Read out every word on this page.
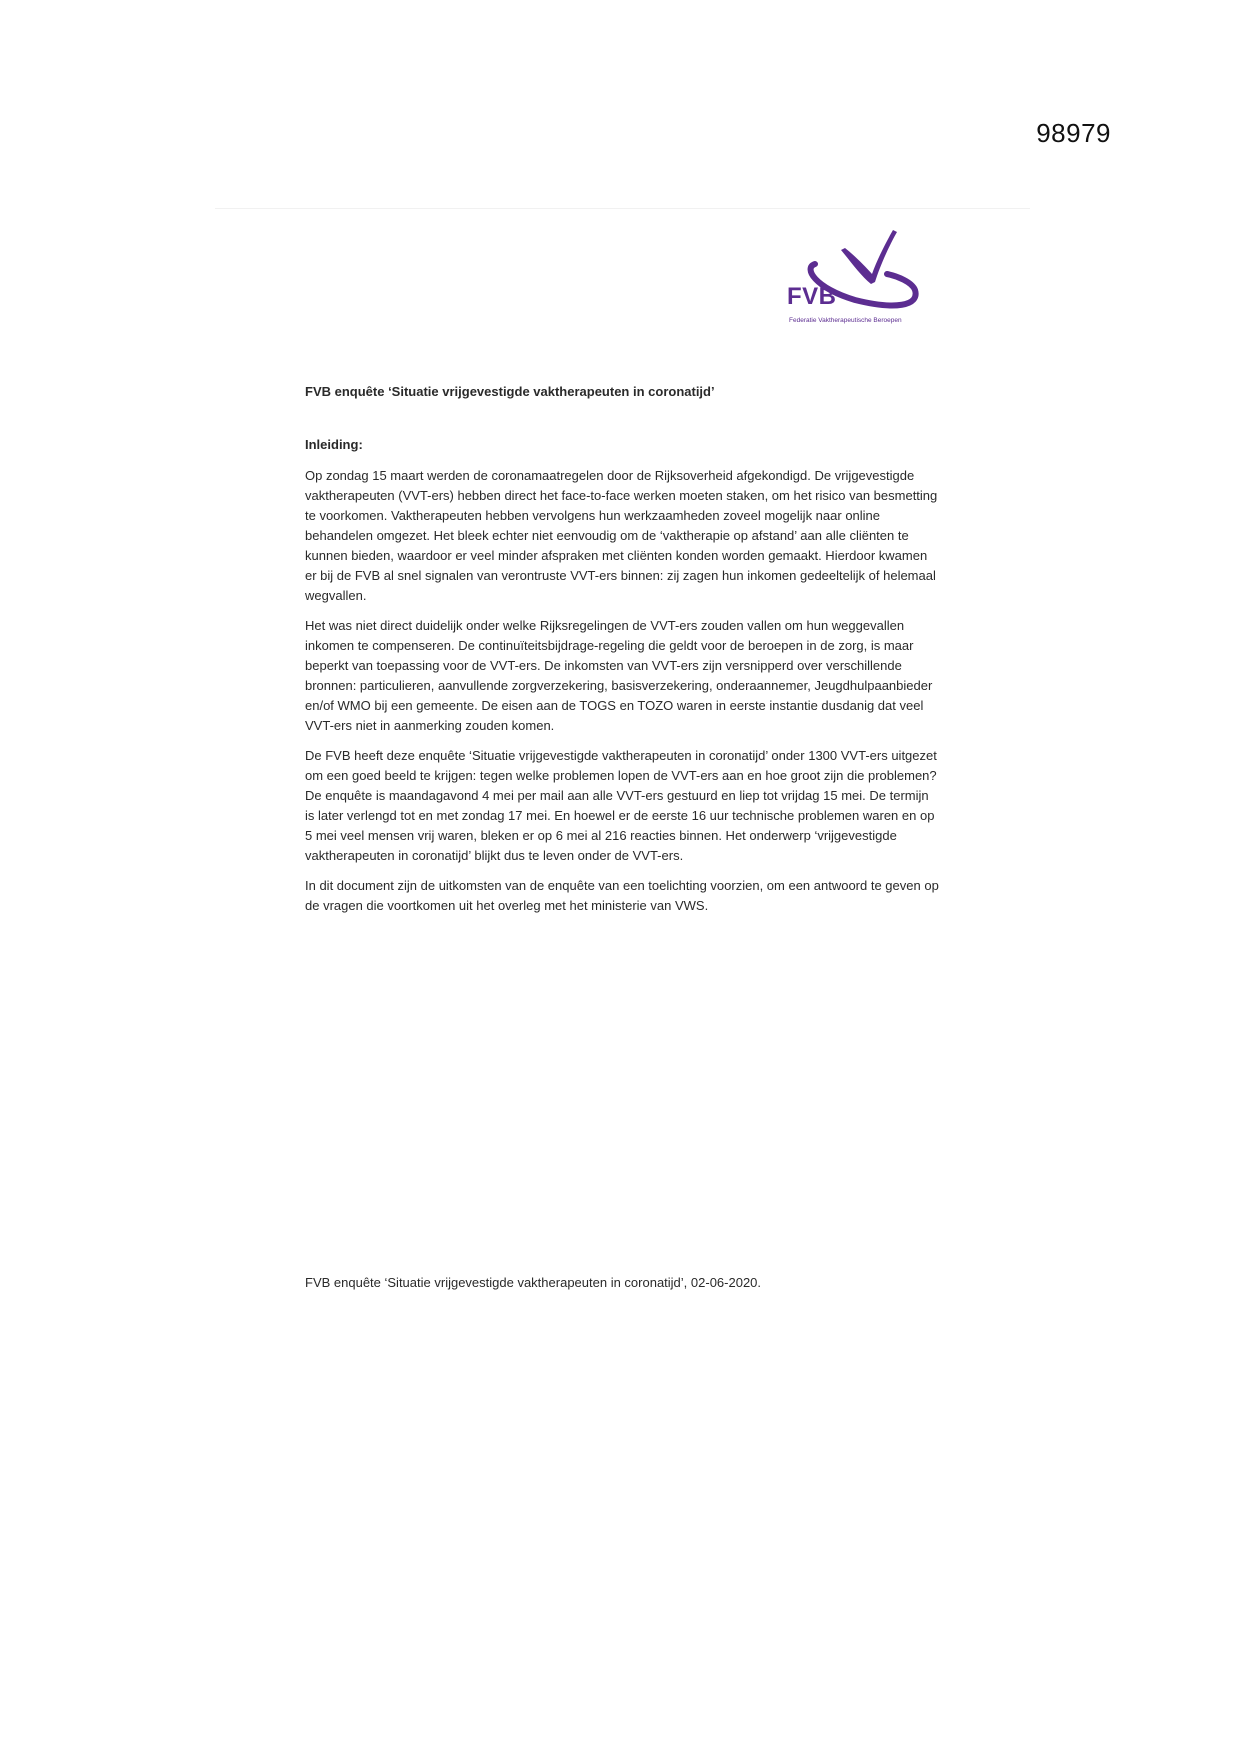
98979
FVB
Federatie Vaktherapeutische Beroepen

FVB enquête ‘Situatie vrijgevestigde vaktherapeuten in coronatijd’

Inleiding:

Op zondag 15 maart werden de coronamaatregelen door de Rijksoverheid afgekondigd. De vrijgevestigde vaktherapeuten (VVT-ers) hebben direct het face-to-face werken moeten staken, om het risico van besmetting te voorkomen. Vaktherapeuten hebben vervolgens hun werkzaamheden zoveel mogelijk naar online behandelen omgezet. Het bleek echter niet eenvoudig om de ‘vaktherapie op afstand’ aan alle cliënten te kunnen bieden, waardoor er veel minder afspraken met cliënten konden worden gemaakt. Hierdoor kwamen er bij de FVB al snel signalen van verontruste VVT-ers binnen: zij zagen hun inkomen gedeeltelijk of helemaal wegvallen.

Het was niet direct duidelijk onder welke Rijksregelingen de VVT-ers zouden vallen om hun weggevallen inkomen te compenseren. De continuïteitsbijdrage-regeling die geldt voor de beroepen in de zorg, is maar beperkt van toepassing voor de VVT-ers. De inkomsten van VVT-ers zijn versnipperd over verschillende bronnen: particulieren, aanvullende zorgverzekering, basisverzekering, onderaannemer, Jeugdhulpaanbieder en/of WMO bij een gemeente. De eisen aan de TOGS en TOZO waren in eerste instantie dusdanig dat veel VVT-ers niet in aanmerking zouden komen.

De FVB heeft deze enquête ‘Situatie vrijgevestigde vaktherapeuten in coronatijd’ onder 1300 VVT-ers uitgezet om een goed beeld te krijgen: tegen welke problemen lopen de VVT-ers aan en hoe groot zijn die problemen? De enquête is maandagavond 4 mei per mail aan alle VVT-ers gestuurd en liep tot vrijdag 15 mei. De termijn is later verlengd tot en met zondag 17 mei. En hoewel er de eerste 16 uur technische problemen waren en op 5 mei veel mensen vrij waren, bleken er op 6 mei al 216 reacties binnen. Het onderwerp ‘vrijgevestigde vaktherapeuten in coronatijd’ blijkt dus te leven onder de VVT-ers.

In dit document zijn de uitkomsten van de enquête van een toelichting voorzien, om een antwoord te geven op de vragen die voortkomen uit het overleg met het ministerie van VWS.

FVB enquête ‘Situatie vrijgevestigde vaktherapeuten in coronatijd’, 02-06-2020.
